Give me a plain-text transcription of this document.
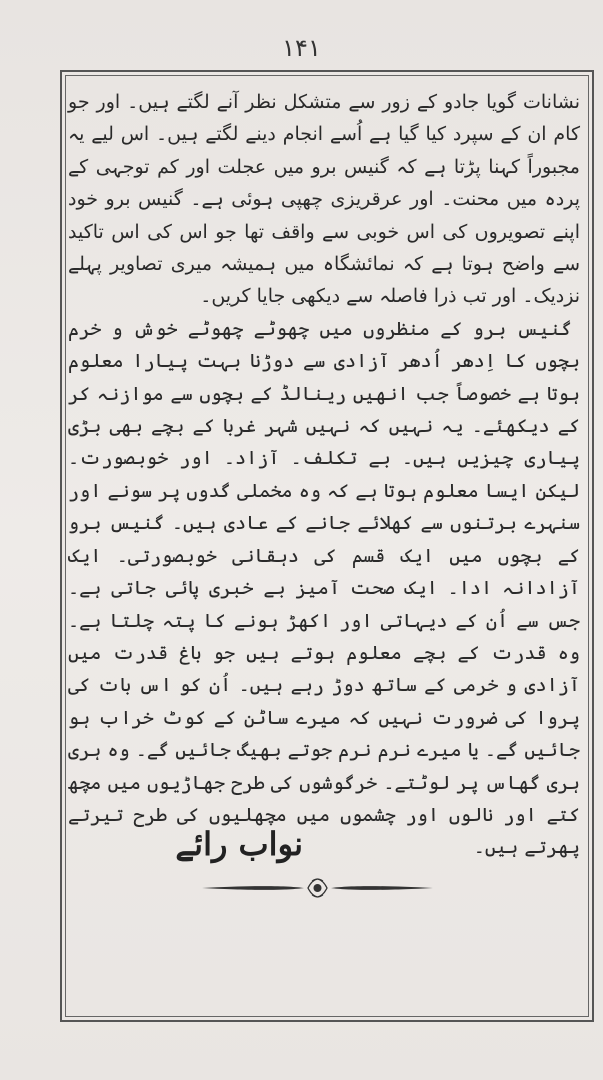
۱۴۱

نشانات گویا جادو کے زور سے متشکل نظر آنے لگتے ہیں۔ اور جو کام ان کے سپرد کیا گیا ہے اُسے انجام دینے لگتے ہیں۔ اس لیے یہ مجبوراً کہنا پڑتا ہے کہ گنیس برو میں عجلت اور کم توجہی کے پردہ میں محنت۔ اور عرقریزی چھپی ہوئی ہے۔ گنیس برو خود اپنے تصویروں کی اس خوبی سے واقف تھا جو اس کی اس تاکید سے واضح ہوتا ہے کہ نمائشگاہ میں ہمیشہ میری تصاویر پہلے نزدیک۔ اور تب ذرا فاصلہ سے دیکھی جایا کریں۔

گنیس برو کے منظروں میں چھوٹے چھوٹے خوش و خرم بچوں کا اِدھر اُدھر آزادی سے دوڑنا بہت پیارا معلوم ہوتا ہے خصوصاً جب انھیں رینالڈ کے بچوں سے موازنہ کر کے دیکھئے۔ یہ نہیں کہ نہیں شہر غربا کے بچے بھی بڑی پیاری چیزیں ہیں۔ بے تکلف۔ آزاد۔ اور خوبصورت۔ لیکن ایسا معلوم ہوتا ہے کہ وہ مخملی گدوں پر سونے اور سنہرے برتنوں سے کھلائے جانے کے عادی ہیں۔ گنیس برو کے بچوں میں ایک قسم کی دہقانی خوبصورتی۔ ایک آزادانہ ادا۔ ایک صحت آمیز بے خبری پائی جاتی ہے۔ جس سے اُن کے دیہاتی اور اکھڑ ہونے کا پتہ چلتا ہے۔ وہ قدرت کے بچے معلوم ہوتے ہیں جو باغ قدرت میں آزادی و خرمی کے ساتھ دوڑ رہے ہیں۔ اُن کو اس بات کی پروا کی ضرورت نہیں کہ میرے ساٹن کے کوٹ خراب ہو جائیں گے۔ یا میرے نرم نرم جوتے بھیگ جائیں گے۔ وہ ہری ہری گھاس پر لوٹتے۔ خرگوشوں کی طرح جھاڑیوں میں مچھ کتے اور نالوں اور چشموں میں مچھلیوں کی طرح تیرتے پھرتے ہیں۔

نواب رائے
